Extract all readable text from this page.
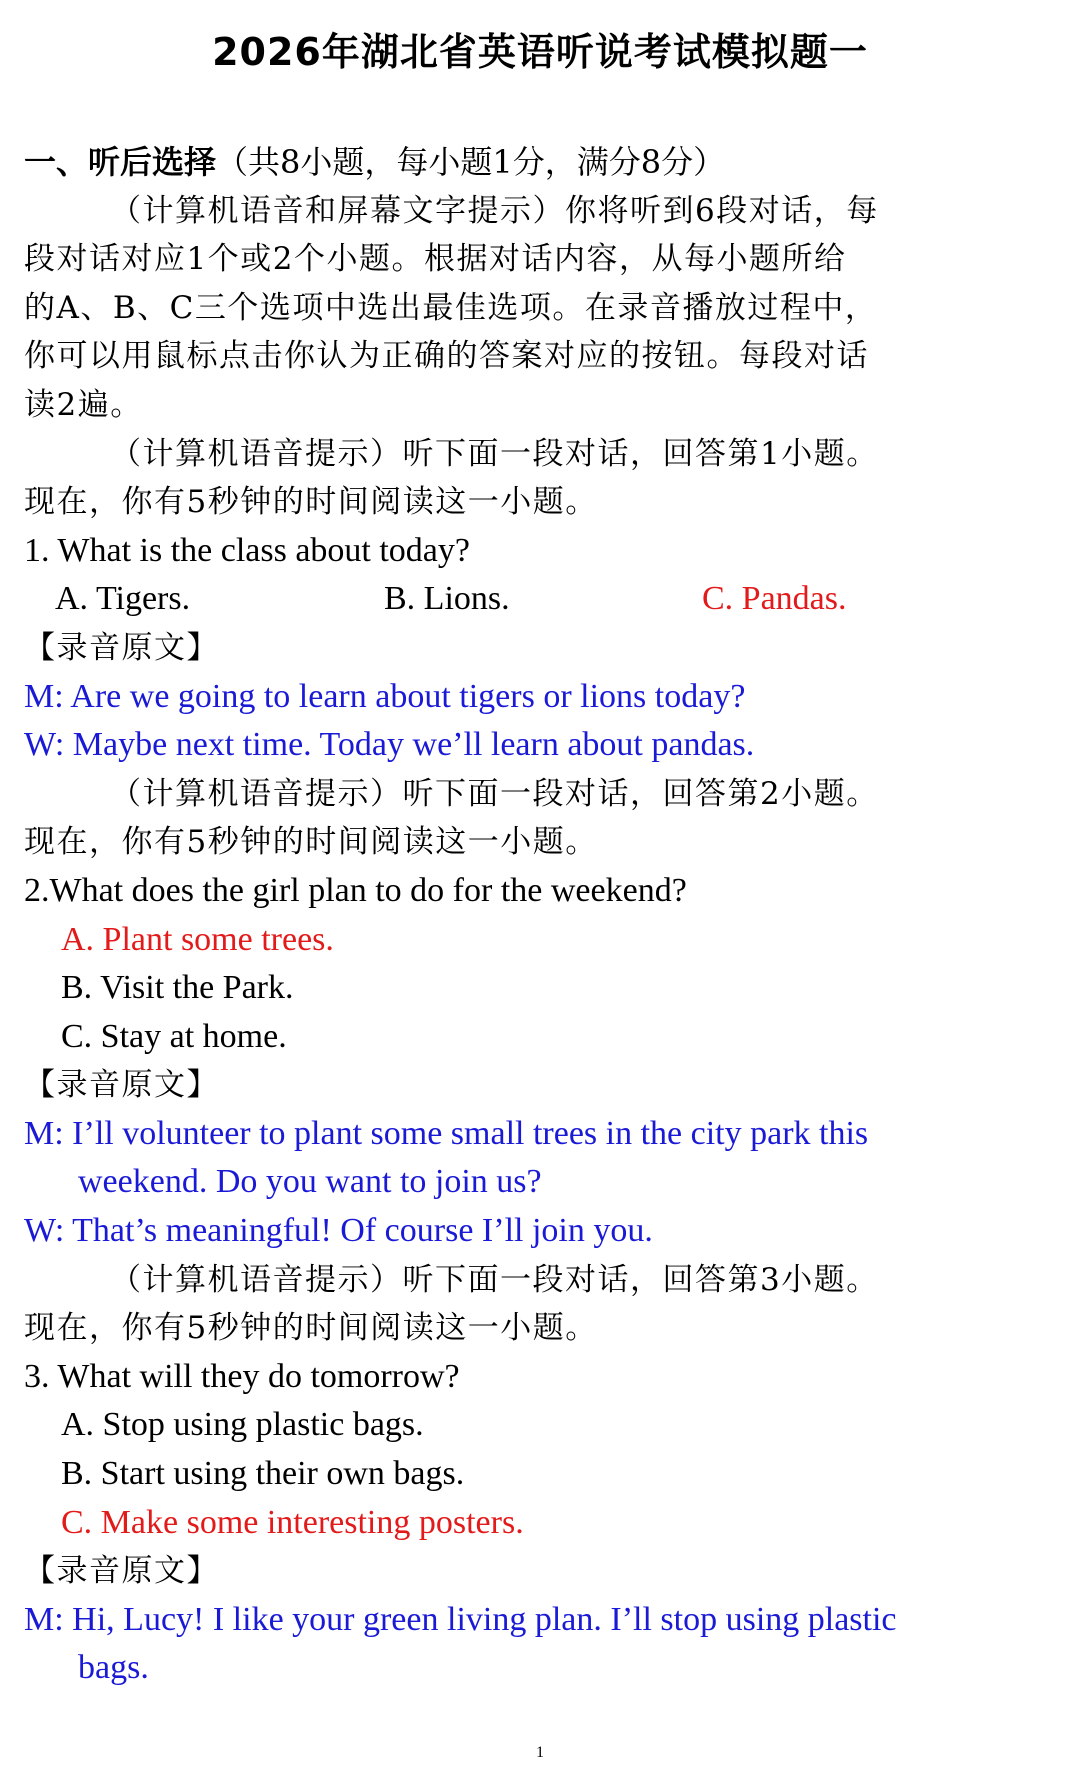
2026年湖北省英语听说考试模拟题一
一、听后选择（共8小题，每小题1分，满分8分）
（计算机语音和屏幕文字提示）你将听到6段对话，每
段对话对应1个或2个小题。根据对话内容，从每小题所给
的A、B、C三个选项中选出最佳选项。在录音播放过程中，
你可以用鼠标点击你认为正确的答案对应的按钮。每段对话
读2遍。
（计算机语音提示）听下面一段对话，回答第1小题。
现在，你有5秒钟的时间阅读这一小题。
1. What is the class about today?
A. Tigers.	B. Lions.	C. Pandas.
【录音原文】
M: Are we going to learn about tigers or lions today?
W: Maybe next time. Today we’ll learn about pandas.
（计算机语音提示）听下面一段对话，回答第2小题。
现在，你有5秒钟的时间阅读这一小题。
2.What does the girl plan to do for the weekend?
A. Plant some trees.
B. Visit the Park.
C. Stay at home.
【录音原文】
M: I’ll volunteer to plant some small trees in the city park this
weekend. Do you want to join us?
W: That’s meaningful! Of course I’ll join you.
（计算机语音提示）听下面一段对话，回答第3小题。
现在，你有5秒钟的时间阅读这一小题。
3. What will they do tomorrow?
A. Stop using plastic bags.
B. Start using their own bags.
C. Make some interesting posters.
【录音原文】
M: Hi, Lucy! I like your green living plan. I’ll stop using plastic
bags.
1
